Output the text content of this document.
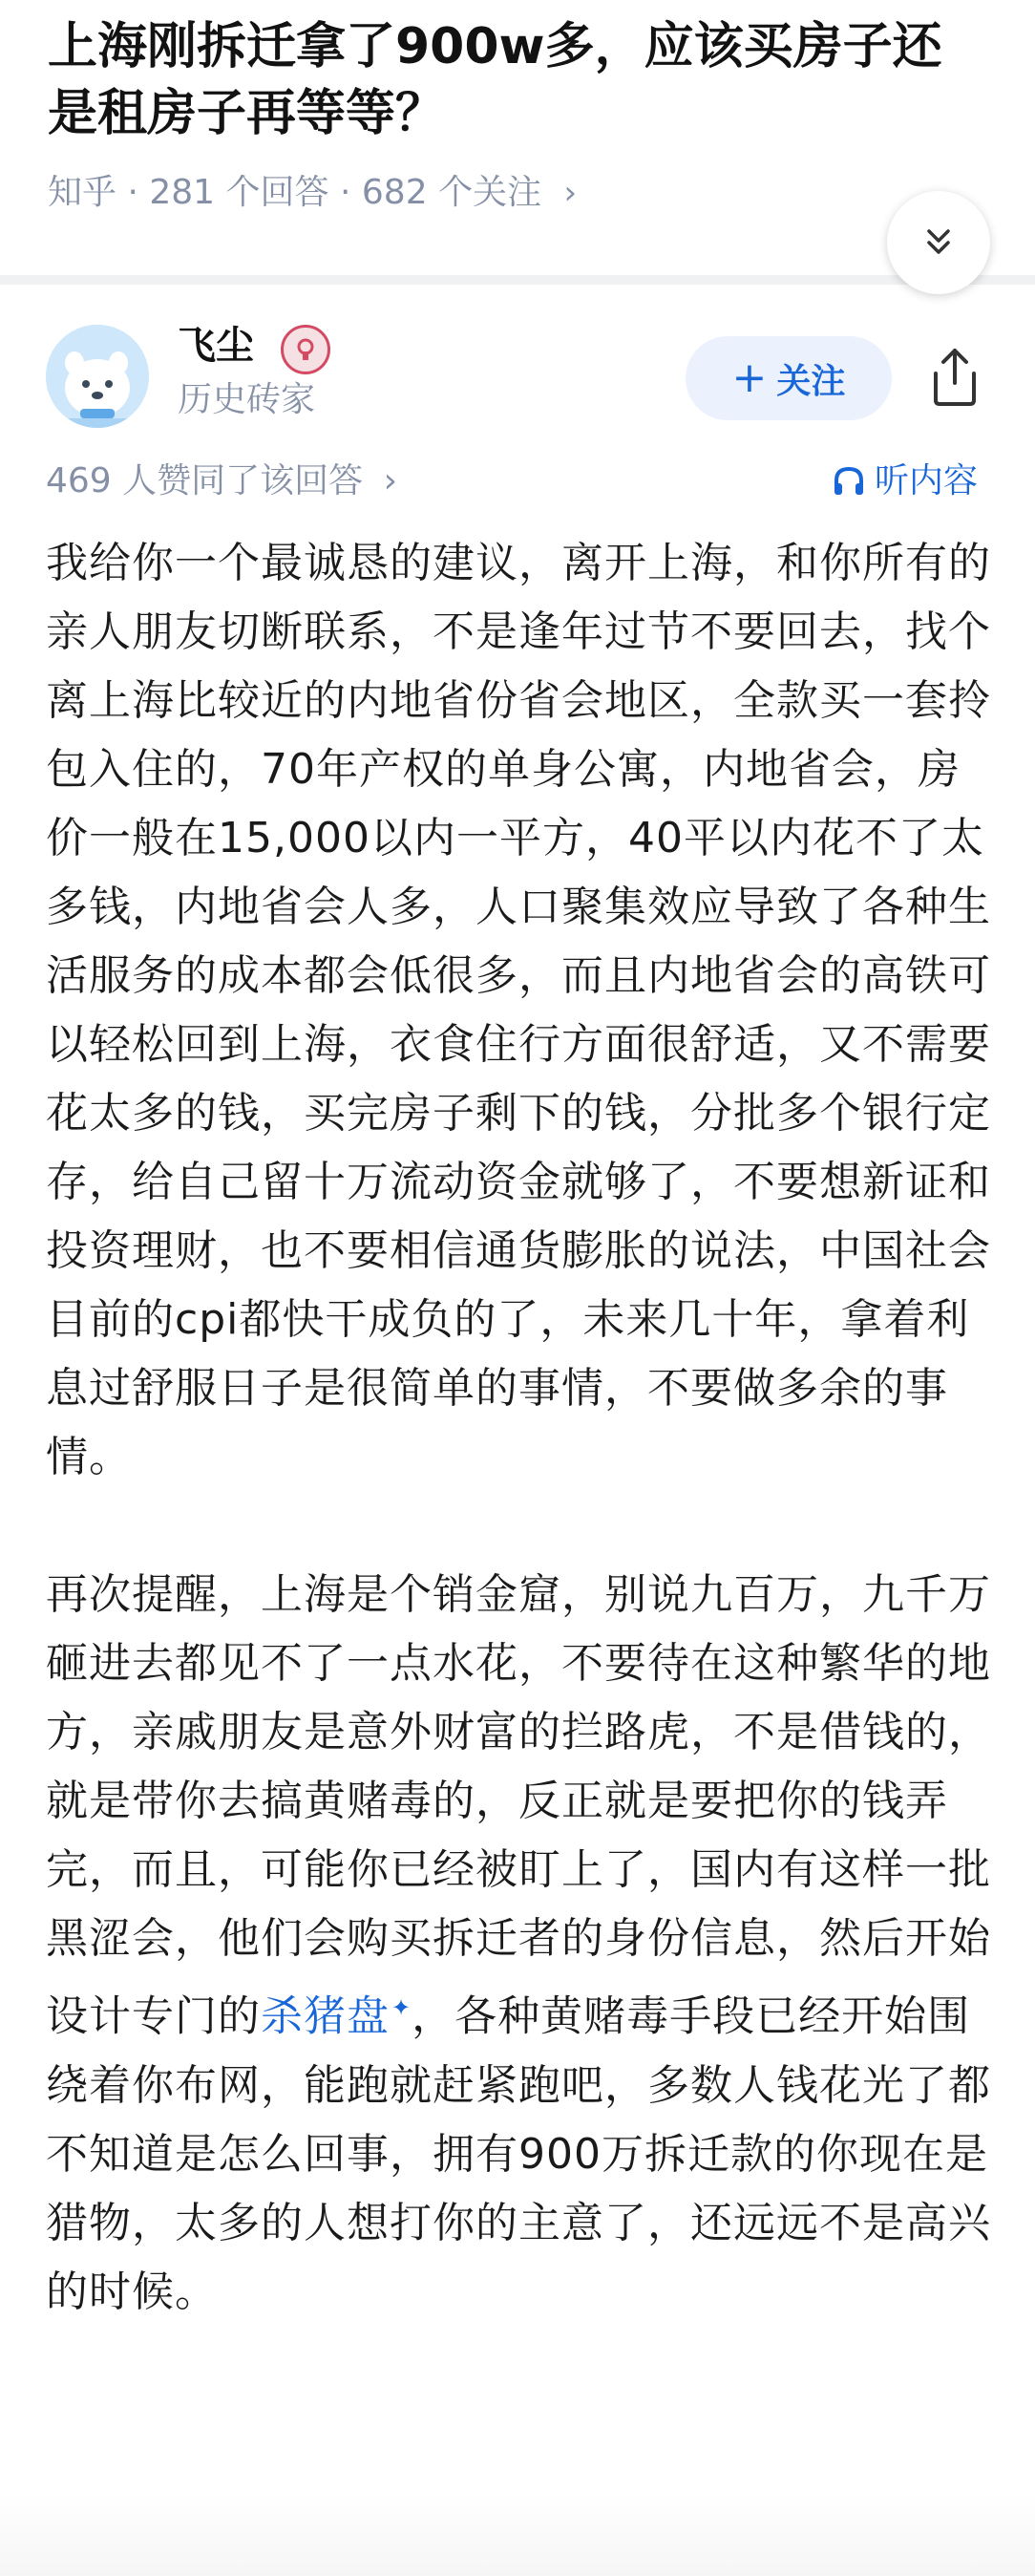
上海刚拆迁拿了900w多，应该买房子还是租房子再等等？
知乎 · 281 个回答 · 682 个关注 ›
飞尘
历史砖家	+ 关注
469 人赞同了该回答 ›	听内容

我给你一个最诚恳的建议，离开上海，和你所有的亲人朋友切断联系，不是逢年过节不要回去，找个离上海比较近的内地省份省会地区，全款买一套拎包入住的，70年产权的单身公寓，内地省会，房价一般在15,000以内一平方，40平以内花不了太多钱，内地省会人多，人口聚集效应导致了各种生活服务的成本都会低很多，而且内地省会的高铁可以轻松回到上海，衣食住行方面很舒适，又不需要花太多的钱，买完房子剩下的钱，分批多个银行定存，给自己留十万流动资金就够了，不要想新证和投资理财，也不要相信通货膨胀的说法，中国社会目前的cpi都快干成负的了，未来几十年，拿着利息过舒服日子是很简单的事情，不要做多余的事情。

再次提醒，上海是个销金窟，别说九百万，九千万砸进去都见不了一点水花，不要待在这种繁华的地方，亲戚朋友是意外财富的拦路虎，不是借钱的，就是带你去搞黄赌毒的，反正就是要把你的钱弄完，而且，可能你已经被盯上了，国内有这样一批黑涩会，他们会购买拆迁者的身份信息，然后开始设计专门的杀猪盘✦，各种黄赌毒手段已经开始围绕着你布网，能跑就赶紧跑吧，多数人钱花光了都不知道是怎么回事，拥有900万拆迁款的你现在是猎物，太多的人想打你的主意了，还远远不是高兴的时候。
